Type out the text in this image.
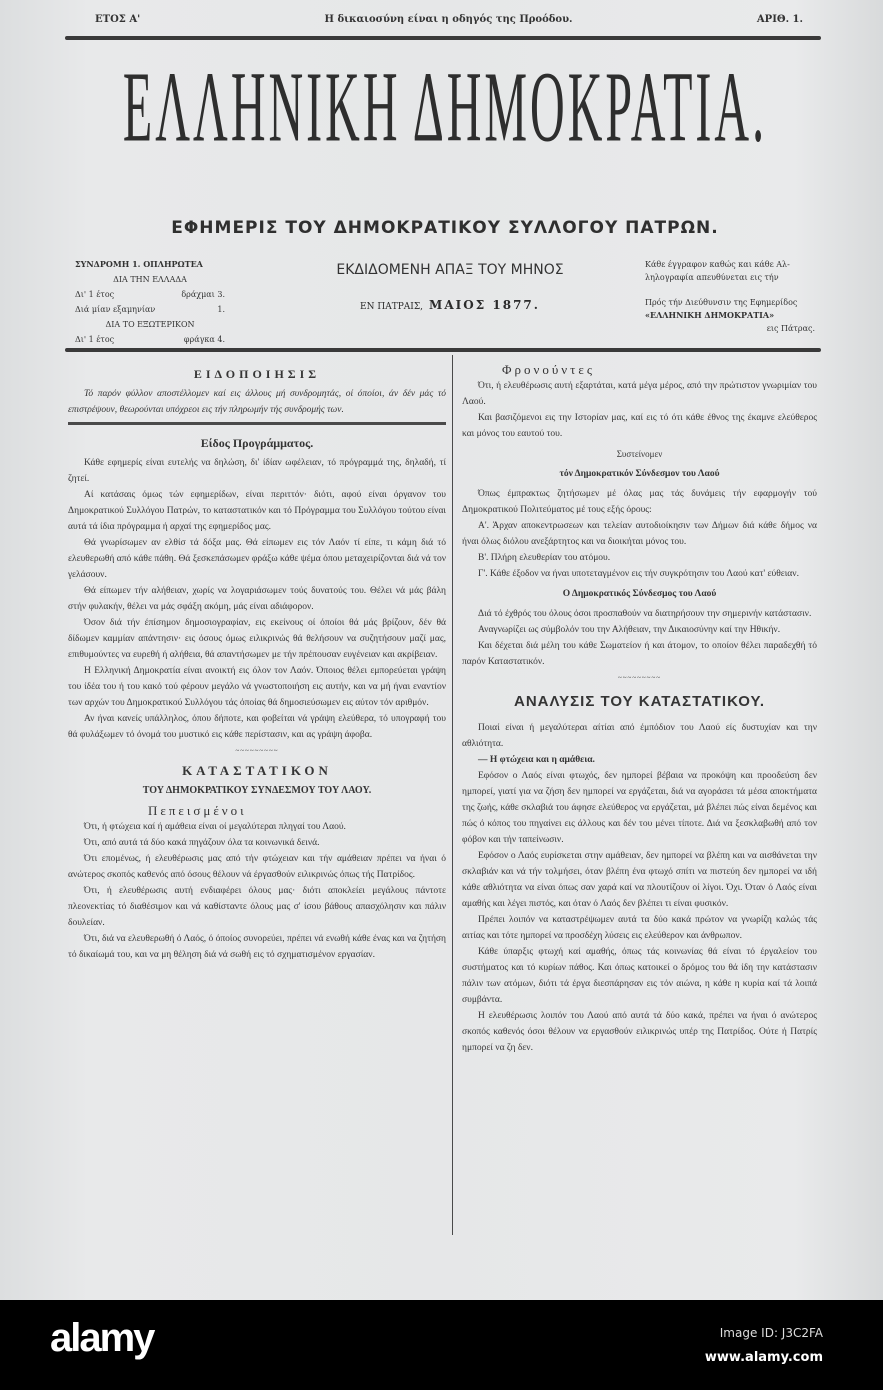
ΕΤΟΣ Α'	Η δικαιοσύνη είναι η οδηγός της Προόδου.	ΑΡΙΘ. 1.
ΕΛΛΗΝΙΚΗ ΔΗΜΟΚΡΑΤΙΑ.
ΕΦΗΜΕΡΙΣ ΤΟΥ ΔΗΜΟΚΡΑΤΙΚΟΥ ΣΥΛΛΟΓΟΥ ΠΑΤΡΩΝ.
ΣΥΝΔΡΟΜΗ 1. ΟΠΛΗΡΩΤΕΑ
ΔΙΑ ΤΗΝ ΕΛΛΑΔΑ
Δι' 1 έτος	δράχμαι 3.
Διά μίαν εξαμηνίαν	1.
ΔΙΑ ΤΟ ΕΞΩΤΕΡΙΚΟΝ
Δι' 1 έτος	φράγκα 4.
ΕΚΔΙΔΟΜΕΝΗ ΑΠΑΞ ΤΟΥ ΜΗΝΟΣ
ΕΝ ΠΑΤΡΑΙΣ, ΜΑΙΟΣ 1877.
Κάθε έγγραφον καθώς και κάθε Αλ-
ληλογραφία απευθύνεται εις τήν
Πρός τήν Διεύθυνσιν της Εφημερίδος
«ΕΛΛΗΝΙΚΗ ΔΗΜΟΚΡΑΤΙΑ»
εις Πάτρας.
ΕΙΔΟΠΟΙΗΣΙΣ

Τό παρόν φύλλον αποστέλλομεν καί εις άλλους μή συνδρομητάς, οί όποίοι, άν δέν μάς τό επιστρέψουν, θεωρούνται υπόχρεοι εις τήν πληρωμήν τής συνδρομής των.

Είδος Προγράμματος.

Κάθε εφημερίς είναι ευτελής να δηλώση, δι' ίδίαν ωφέλειαν, τό πρόγραμμά της, δηλαδή, τί ζητεί.

Αί κατάσαις όμως τών εφημερίδων, είναι περιττόν· διότι, αφού είναι όργανον του Δημοκρατικού Συλλόγου Πατρών, το καταστατικόν και τό Πρόγραμμα του Συλλόγου τούτου είναι αυτά τά ίδια πρόγραμμα ή αρχαί της εφημερίδος μας.

Θά γνωρίσωμεν αν ελθίσ τά δόξα μας. Θά είπωμεν εις τόν Λαόν τί είπε, τι κάμη διά τό ελευθερωθή από κάθε πάθη. Θά ξεσκεπάσωμεν φράξω κάθε ψέμα όπου μεταχειρίζονται διά νά τον γελάσουν.

Θά είπωμεν τήν αλήθειαν, χωρίς να λογαριάσωμεν τούς δυνατούς του. Θέλει νά μάς βάλη στήν φυλακήν, θέλει να μάς σφάξη ακόμη, μάς είναι αδιάφορον.

Όσον διά τήν έπίσημον δημοσιογραφίαν, εις εκείνους οί όποίοι θά μάς βρίζουν, δέν θά δίδωμεν καμμίαν απάντησιν· εις όσους όμως ειλικρινώς θά θελήσουν να συζητήσουν μαζί μας, επιθυμούντες να ευρεθή ή αλήθεια, θά απαντήσωμεν με τήν πρέπουσαν ευγένειαν και ακρίβειαν.

Η Ελληνική Δημοκρατία είναι ανοικτή εις όλον τον Λαόν. Όποιος θέλει εμπορεύεται γράψη του ίδέα του ή του κακό τού φέρουν μεγάλο νά γνωστοποιήση εις αυτήν, και να μή ήναι εναντίον των αρχών του Δημοκρατικού Συλλόγου τάς όποίας θά δημοσιεύσωμεν εις αύτον τόν αριθμόν.

Αν ήναι κανείς υπάλληλος, όπου δήποτε, και φοβείται νά γράψη ελεύθερα, τό υπογραφή του θά φυλάξωμεν τό όνομά του μυστικό εις κάθε περίστασιν, και ας γράψη άφοβα.

~~~~~~~~~
ΚΑΤΑΣΤΑΤΙΚΟΝ
ΤΟΥ ΔΗΜΟΚΡΑΤΙΚΟΥ ΣΥΝΔΕΣΜΟΥ ΤΟΥ ΛΑΟΥ.
Πεπεισμένοι

Ότι, ή φτώχεια καί ή αμάθεια είναι οί μεγαλύτεραι πληγαί του Λαού.

Ότι, από αυτά τά δύο κακά πηγάζουν όλα τα κοινωνικά δεινά.

Ότι επομένως, ή ελευθέρωσις μας από τήν φτώχειαν και τήν αμάθειαν πρέπει να ήναι ό ανώτερος σκοπός καθενός από όσους θέλουν νά έργασθούν ειλικρινώς όπως τής Πατρίδος.

Ότι, ή ελευθέρωσις αυτή ενδιαφέρει όλους μας· διότι αποκλείει μεγάλους πάντοτε πλεονεκτίας τό διαθέσιμον και νά καθίσταντε όλους μας σ' ίσου βάθους απασχόλησιν και πάλιν δουλείαν.

Ότι, διά να ελευθερωθή ό Λαός, ό όποίος συνορεύει, πρέπει νά ενωθή κάθε ένας και να ζητήση τό δικαίωμά του, και να μη θέληση διά νά σωθή εις τό σχηματισμένον εργασίαν.

Φρονούντες

Ότι, ή ελευθέρωσις αυτή εξαρτάται, κατά μέγα μέρος, από την πρώτιστον γνωριμίαν του Λαού.

Και βασιζόμενοι εις την Ιστορίαν μας, καί εις τό ότι κάθε έθνος της έκαμνε ελεύθερος και μόνος του εαυτού του.

Συστείνομεν
τόν Δημοκρατικόν Σύνδεσμον του Λαού

Όπως έμπρακτως ζητήσωμεν μέ όλας μας τάς δυνάμεις τήν εφαρμογήν τού Δημοκρατικού Πολιτεύματος μέ τους εξής όρους:

Α'. Άρχαν αποκεντρωσεων και τελείαν αυτοδιοίκησιν των Δήμων διά κάθε δήμος να ήναι όλως διόλου ανεξάρτητος και να διοικήται μόνος του.

Β'. Πλήρη ελευθερίαν του ατόμου.

Γ'. Κάθε έξοδον να ήναι υποτεταγμένον εις τήν συγκρότησιν του Λαού κατ' εύθειαν.

Ο Δημοκρατικός Σύνδεσμος του Λαού

Διά τό έχθρός του όλους όσοι προσπαθούν να διατηρήσουν την σημερινήν κατάστασιν.

Αναγνωρίζει ως σύμβολόν του την Αλήθειαν, την Δικαιοσύνην καί την Ηθικήν.

Και δέχεται διά μέλη του κάθε Σωματείον ή και άτομον, το οποίον θέλει παραδεχθή τό παρόν Καταστατικόν.

~~~~~~~~~
ΑΝΑΛΥΣΙΣ ΤΟΥ ΚΑΤΑΣΤΑΤΙΚΟΥ.

Ποιαί είναι ή μεγαλύτεραι αίτίαι από έμπόδιον του Λαού είς δυστυχίαν και την αθλιότητα.

— Η φτώχεια και η αμάθεια.

Εφόσον ο Λαός είναι φτωχός, δεν ημπορεί βέβαια να προκόψη και προοδεύση δεν ημπορεί, γιατί για να ζήση δεν ημπορεί να εργάζεται, διά να αγοράσει τά μέσα αποκτήματα της ζωής, κάθε σκλαβιά του άφησε ελεύθερος να εργάζεται, μά βλέπει πώς είναι δεμένος και πώς ό κόπος του πηγαίνει εις άλλους και δέν του μένει τίποτε. Διά να ξεσκλαβωθή από τον φόβον και τήν ταπείνωσιν.

Εφόσον ο Λαός ευρίσκεται στην αμάθειαν, δεν ημπορεί να βλέπη και να αισθάνεται την σκλαβιάν και νά τήν τολμήσει, όταν βλέπη ένα φτωχό σπίτι να πιστεύη δεν ημπορεί να ιδή κάθε αθλιότητα να είναι όπως σαν χαρά καί να πλουτίζουν οί λίγοι. Όχι. Όταν ό Λαός είναι αμαθής και λέγει πιστός, και όταν ό Λαός δεν βλέπει τι είναι φυσικόν.

Πρέπει λοιπόν να καταστρέψωμεν αυτά τα δύο κακά πρώτον να γνωρίζη καλώς τάς αιτίας και τότε ημπορεί να προσδέχη λύσεις εις ελεύθερον και άνθρωπον.

Κάθε ύπαρξις φτωχή καί αμαθής, όπως τάς κοινωνίας θά είναι τό έργαλείον του συστήματος και τό κυρίων πάθος. Και όπως κατοικεί ο δρόμος του θά ίδη την κατάστασιν πάλιν των ατόμων, διότι τά έργα διεσπάρησαν εις τόν αιώνα, η κάθε η κυρία καί τά λοιπά συμβάντα.

Η ελευθέρωσις λοιπόν του Λαού από αυτά τά δύο κακά, πρέπει να ήναι ό ανώτερος σκοπός καθενός όσοι θέλουν να εργασθούν ειλικρινώς υπέρ της Πατρίδος. Ούτε ή Πατρίς ημπορεί να ζη δεν.

alamy	Image ID: J3C2FA
www.alamy.com
